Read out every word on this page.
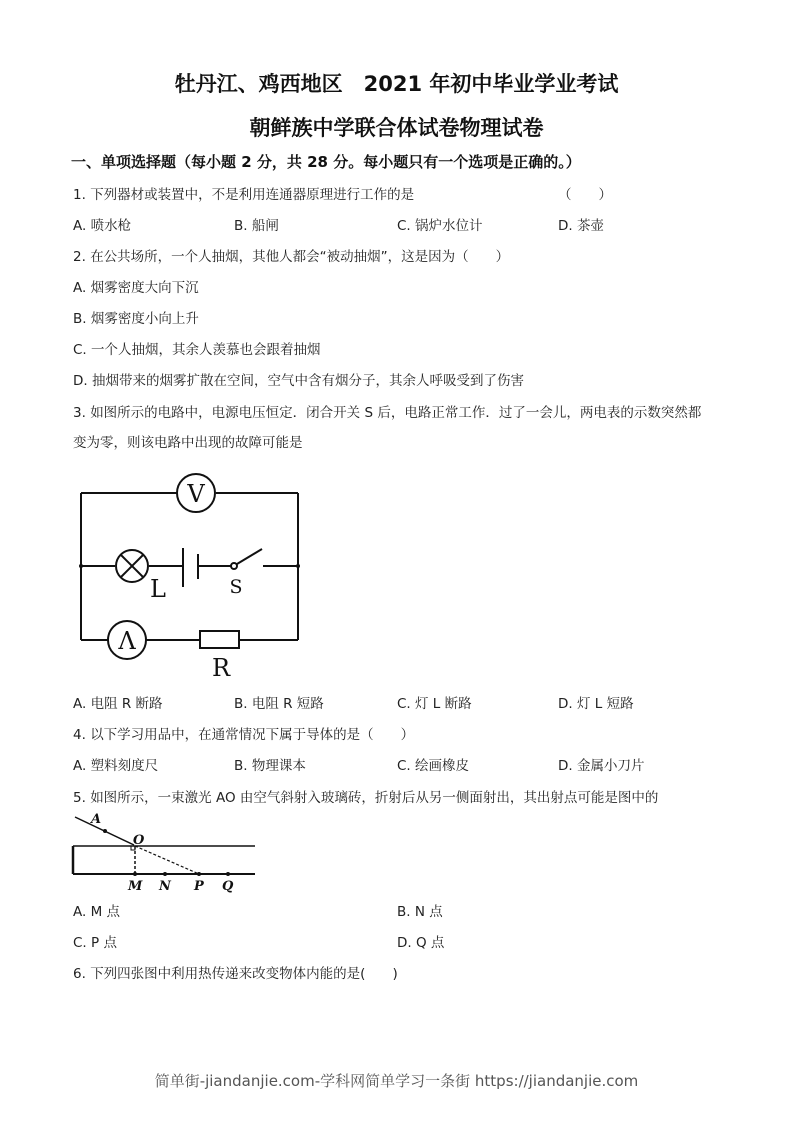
牡丹江、鸡西地区　2021 年初中毕业学业考试
朝鲜族中学联合体试卷物理试卷
一、单项选择题（每小题 2 分，共 28 分。每小题只有一个选项是正确的。）
1. 下列器材或装置中，不是利用连通器原理进行工作的是	（　　）
A. 喷水枪	B. 船闸	C. 锅炉水位计	D. 茶壶
2. 在公共场所，一个人抽烟，其他人都会“被动抽烟”，这是因为（　　）
A. 烟雾密度大向下沉
B. 烟雾密度小向上升
C. 一个人抽烟，其余人羡慕也会跟着抽烟
D. 抽烟带来的烟雾扩散在空间，空气中含有烟分子，其余人呼吸受到了伤害
3. 如图所示的电路中，电源电压恒定．闭合开关 S 后，电路正常工作．过了一会儿，两电表的示数突然都
变为零，则该电路中出现的故障可能是
V
Λ
L	S
R
A. 电阻 R 断路	B. 电阻 R 短路	C. 灯 L 断路	D. 灯 L 短路
4. 以下学习用品中，在通常情况下属于导体的是（　　）
A. 塑料刻度尺	B. 物理课本	C. 绘画橡皮	D. 金属小刀片
5. 如图所示，一束激光 AO 由空气斜射入玻璃砖，折射后从另一侧面射出，其出射点可能是图中的
A
O
M N P Q
A. M 点	B. N 点
C. P 点	D. Q 点
6. 下列四张图中利用热传递来改变物体内能的是(　　)
简单街-jiandanjie.com-学科网简单学习一条街 https://jiandanjie.com
